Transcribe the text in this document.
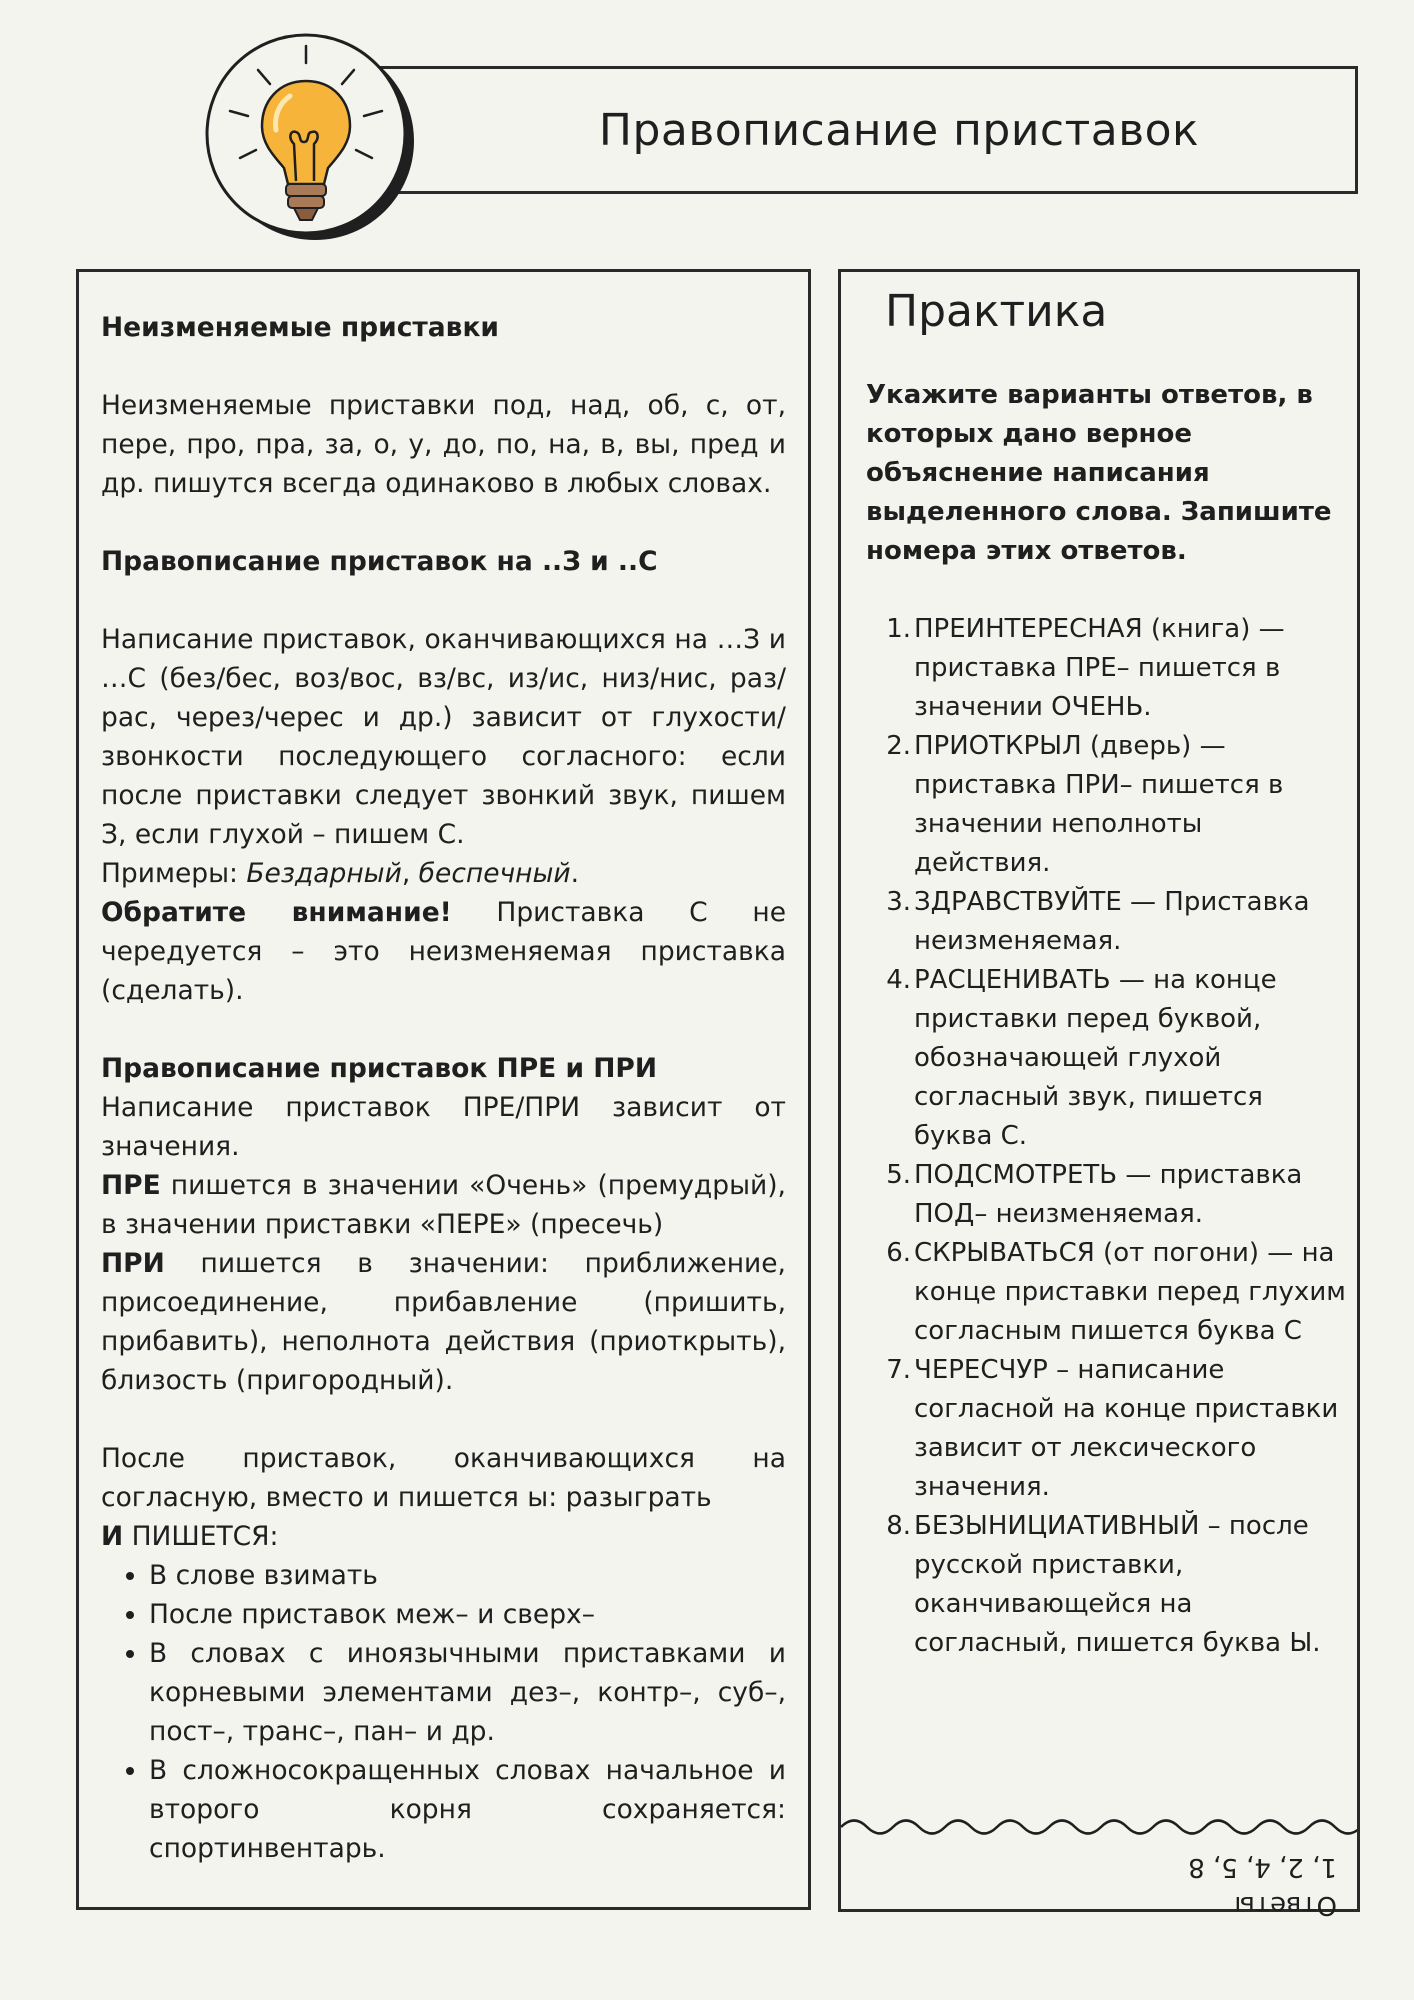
Правописание приставок

Неизменяемые приставки

Неизменяемые приставки под, над, об, с, от, пере, про, пра, за, о, у, до, по, на, в, вы, пред и др. пишутся всегда одинаково в любых словах.

Правописание приставок на ..З и ..С

Написание приставок, оканчивающихся на …З и …С (без/бес, воз/вос, вз/вс, из/ис, низ/нис, раз/рас, через/черес и др.) зависит от глухости/звонкости последующего согласного: если после приставки следует звонкий звук, пишем З, если глухой – пишем С.

Примеры: Бездарный, беспечный.

Обратите внимание! Приставка С не чередуется – это неизменяемая приставка (сделать).

Правописание приставок ПРЕ и ПРИ

Написание приставок ПРЕ/ПРИ зависит от значения.

ПРЕ пишется в значении «Очень» (премудрый), в значении приставки «ПЕРЕ» (пресечь)

ПРИ пишется в значении: приближение, присоединение, прибавление (пришить, прибавить), неполнота действия (приоткрыть), близость (пригородный).

После приставок, оканчивающихся на согласную, вместо и пишется ы: разыграть

И ПИШЕТСЯ:

• В слове взимать
• После приставок меж– и сверх–
• В словах с иноязычными приставками и корневыми элементами дез–, контр–, суб–, пост–, транс–, пан– и др.
• В сложносокращенных словах начальное и второго корня сохраняется: спортинвентарь.
Практика
Укажите варианты ответов, в которых дано верное объяснение написания выделенного слова. Запишите номера этих ответов.
1. ПРЕИНТЕРЕСНАЯ (книга) — приставка ПРЕ– пишется в значении ОЧЕНЬ.
2. ПРИОТКРЫЛ (дверь) — приставка ПРИ– пишется в значении неполноты действия.
3. ЗДРАВСТВУЙТЕ — Приставка неизменяемая.
4. РАСЦЕНИВАТЬ — на конце приставки перед буквой, обозначающей глухой согласный звук, пишется буква С.
5. ПОДСМОТРЕТЬ — приставка ПОД– неизменяемая.
6. СКРЫВАТЬСЯ (от погони) — на конце приставки перед глухим согласным пишется буква С
7. ЧЕРЕСЧУР – написание согласной на конце приставки зависит от лексического значения.
8. БЕЗЫНИЦИАТИВНЫЙ – после русской приставки, оканчивающейся на согласный, пишется буква Ы.
Ответы
1, 2, 4, 5, 8
